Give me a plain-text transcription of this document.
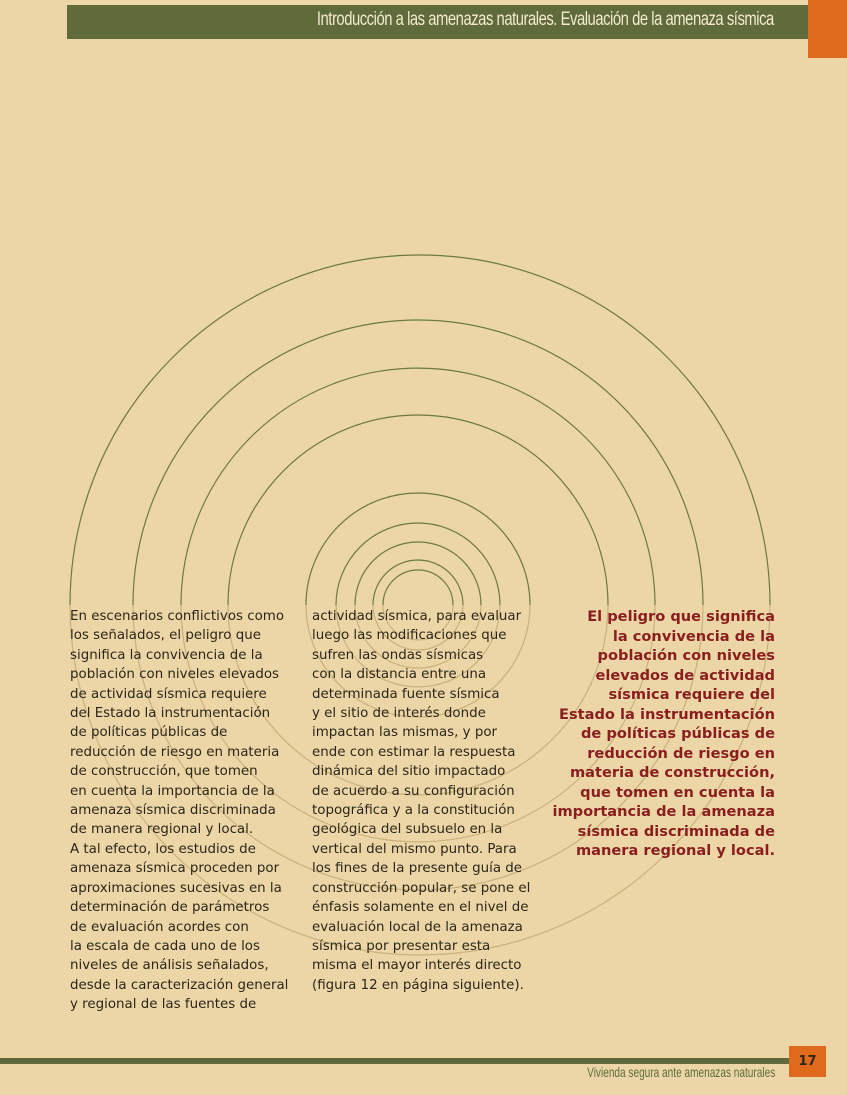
Introducción a las amenazas naturales. Evaluación de la amenaza sísmica

En escenarios conflictivos como
los señalados, el peligro que
significa la convivencia de la
población con niveles elevados
de actividad sísmica requiere
del Estado la instrumentación
de políticas públicas de
reducción de riesgo en materia
de construcción, que tomen
en cuenta la importancia de la
amenaza sísmica discriminada
de manera regional y local.
A tal efecto, los estudios de
amenaza sísmica proceden por
aproximaciones sucesivas en la
determinación de parámetros
de evaluación acordes con
la escala de cada uno de los
niveles de análisis señalados,
desde la caracterización general
y regional de las fuentes de

actividad sísmica, para evaluar
luego las modificaciones que
sufren las ondas sísmicas
con la distancia entre una
determinada fuente sísmica
y el sitio de interés donde
impactan las mismas, y por
ende con estimar la respuesta
dinámica del sitio impactado
de acuerdo a su configuración
topográfica y a la constitución
geológica del subsuelo en la
vertical del mismo punto. Para
los fines de la presente guía de
construcción popular, se pone el
énfasis solamente en el nivel de
evaluación local de la amenaza
sísmica por presentar esta
misma el mayor interés directo
(figura 12 en página siguiente).

El peligro que significa
la convivencia de la
población con niveles
elevados de actividad
sísmica requiere del
Estado la instrumentación
de políticas públicas de
reducción de riesgo en
materia de construcción,
que tomen en cuenta la
importancia de la amenaza
sísmica discriminada de
manera regional y local.

Vivienda segura ante amenazas naturales
17
